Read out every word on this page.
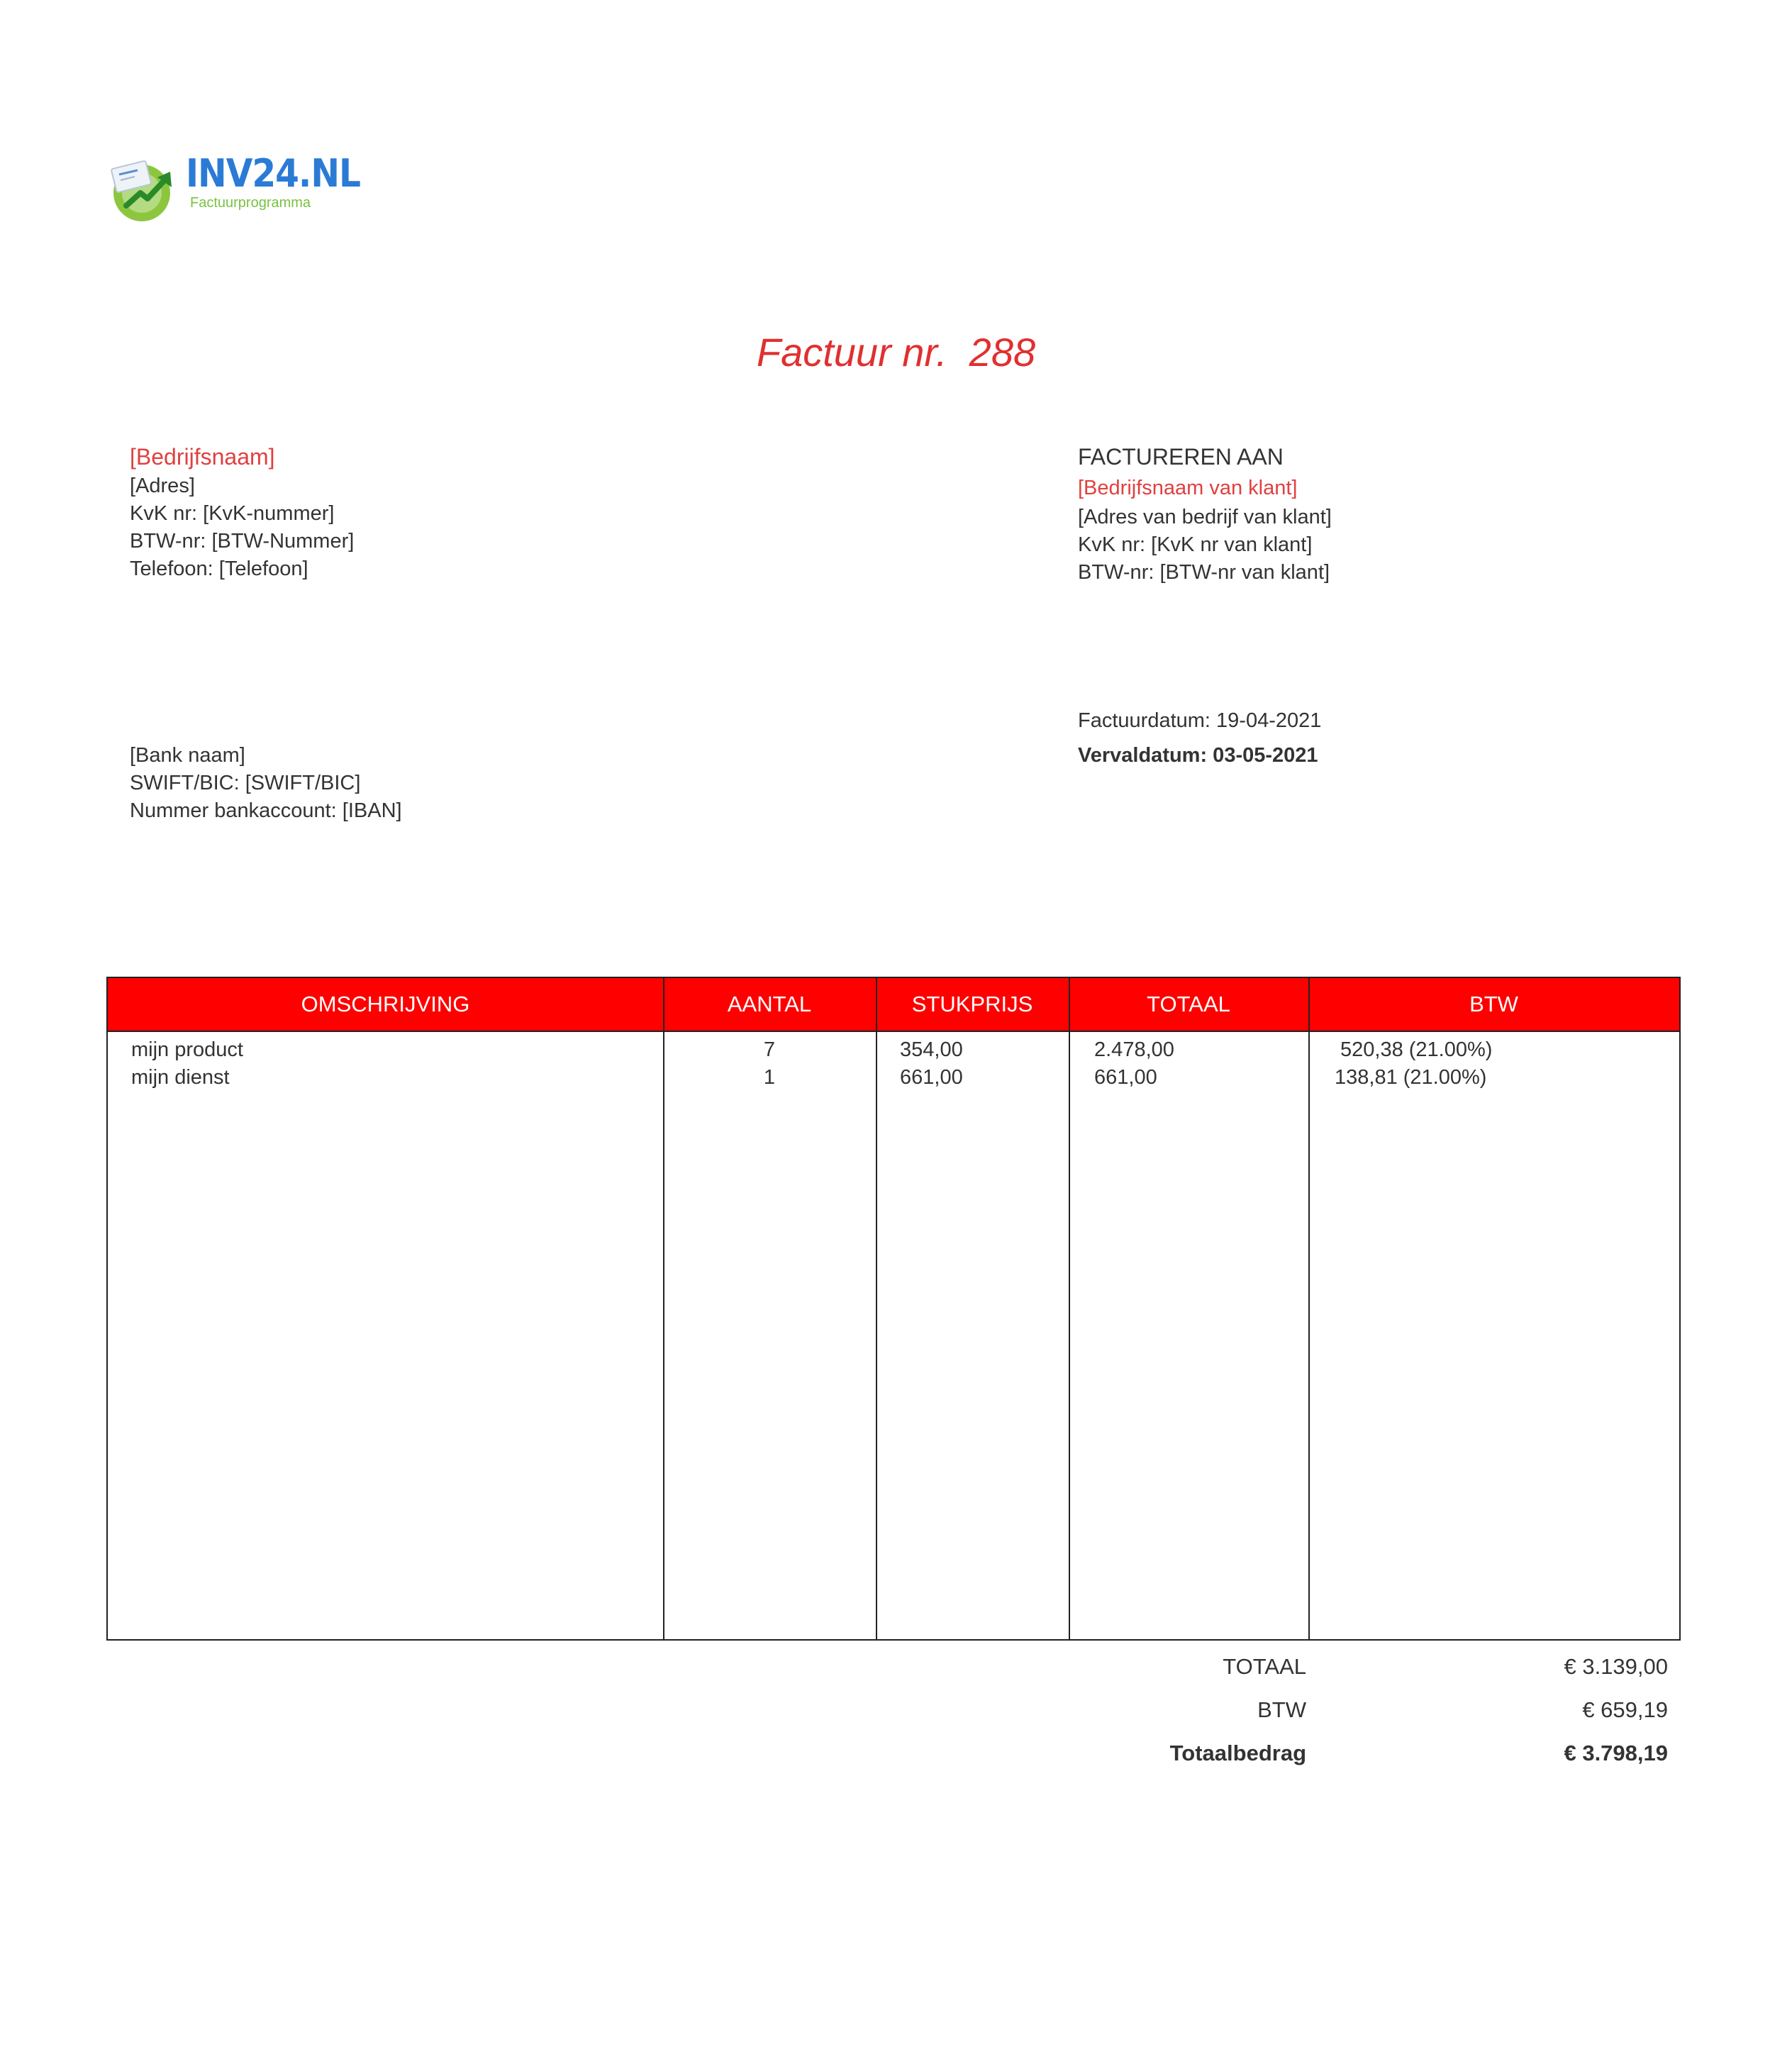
INV24.NL
Factuurprogramma
Factuur nr.  288
[Bedrijfsnaam]
[Adres]
KvK nr: [KvK-nummer]
BTW-nr: [BTW-Nummer]
Telefoon: [Telefoon]
FACTUREREN AAN
[Bedrijfsnaam van klant]
[Adres van bedrijf van klant]
KvK nr: [KvK nr van klant]
BTW-nr: [BTW-nr van klant]
[Bank naam]
SWIFT/BIC: [SWIFT/BIC]
Nummer bankaccount: [IBAN]
Factuurdatum: 19-04-2021
Vervaldatum: 03-05-2021
OMSCHRIJVING	AANTAL	STUKPRIJS	TOTAAL	BTW
mijn product	7	354,00	2.478,00	520,38 (21.00%)
mijn dienst	1	661,00	661,00	138,81 (21.00%)
TOTAAL	€ 3.139,00
BTW	€ 659,19
Totaalbedrag	€ 3.798,19
